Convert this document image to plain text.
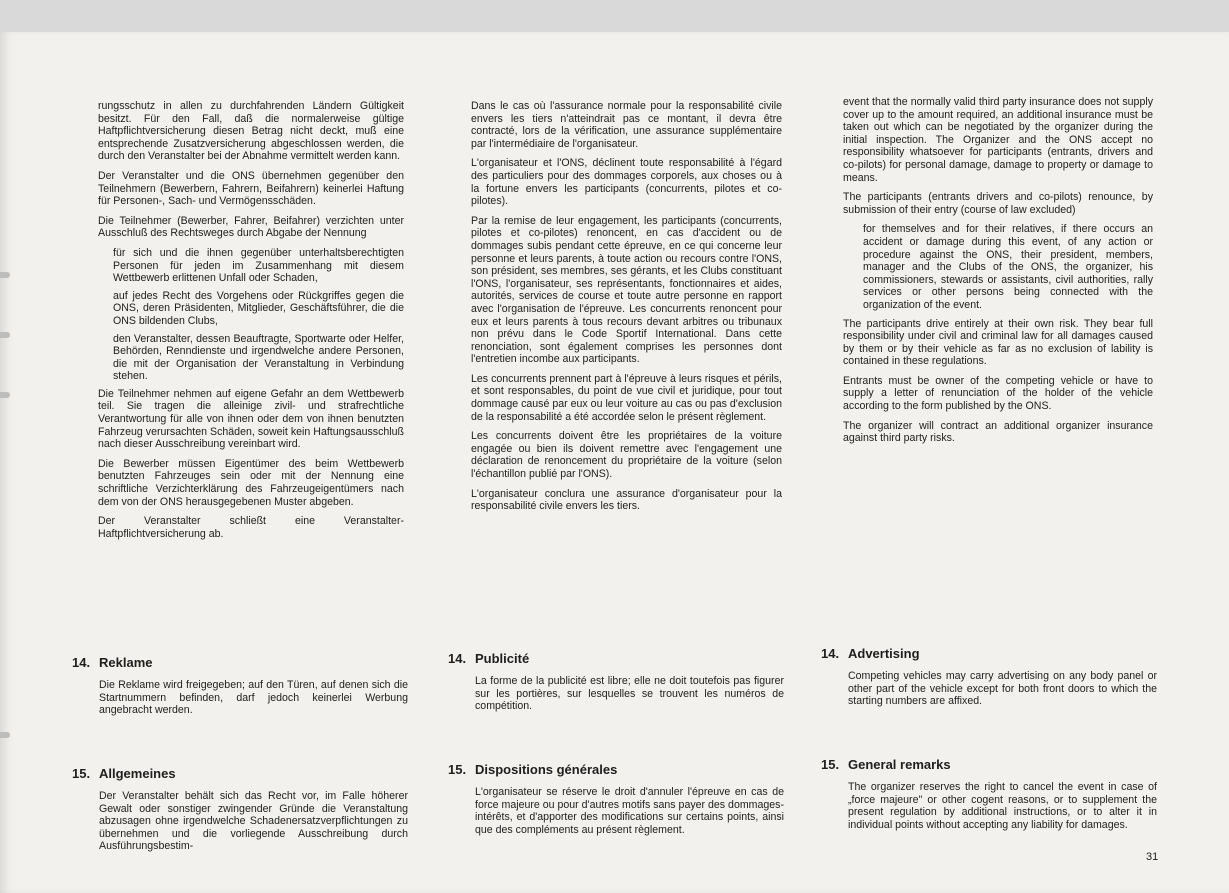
rungsschutz in allen zu durchfahrenden Ländern Gültigkeit besitzt. Für den Fall, daß die normalerweise gültige Haftpflichtversicherung diesen Betrag nicht deckt, muß eine entsprechende Zusatzversicherung abgeschlossen werden, die durch den Veranstalter bei der Abnahme vermittelt werden kann.

Der Veranstalter und die ONS übernehmen gegenüber den Teilnehmern (Bewerbern, Fahrern, Beifahrern) keinerlei Haftung für Personen-, Sach- und Vermögensschäden.

Die Teilnehmer (Bewerber, Fahrer, Beifahrer) verzichten unter Ausschluß des Rechtsweges durch Abgabe der Nennung

für sich und die ihnen gegenüber unterhaltsberechtigten Personen für jeden im Zusammenhang mit diesem Wettbewerb erlittenen Unfall oder Schaden,

auf jedes Recht des Vorgehens oder Rückgriffes gegen die ONS, deren Präsidenten, Mitglieder, Geschäftsführer, die die ONS bildenden Clubs,

den Veranstalter, dessen Beauftragte, Sportwarte oder Helfer, Behörden, Renndienste und irgendwelche andere Personen, die mit der Organisation der Veranstaltung in Verbindung stehen.

Die Teilnehmer nehmen auf eigene Gefahr an dem Wettbewerb teil. Sie tragen die alleinige zivil- und strafrechtliche Verantwortung für alle von ihnen oder dem von ihnen benutzten Fahrzeug verursachten Schäden, soweit kein Haftungsausschluß nach dieser Ausschreibung vereinbart wird.

Die Bewerber müssen Eigentümer des beim Wettbewerb benutzten Fahrzeuges sein oder mit der Nennung eine schriftliche Verzichterklärung des Fahrzeugeigentümers nach dem von der ONS herausgegebenen Muster abgeben.

Der Veranstalter schließt eine Veranstalter-Haftpflichtversicherung ab.

Dans le cas où l'assurance normale pour la responsabilité civile envers les tiers n'atteindrait pas ce montant, il devra être contracté, lors de la vérification, une assurance supplémentaire par l'intermédiaire de l'organisateur.

L'organisateur et l'ONS, déclinent toute responsabilité à l'égard des particuliers pour des dommages corporels, aux choses ou à la fortune envers les participants (concurrents, pilotes et co-pilotes).

Par la remise de leur engagement, les participants (concurrents, pilotes et co-pilotes) renoncent, en cas d'accident ou de dommages subis pendant cette épreuve, en ce qui concerne leur personne et leurs parents, à toute action ou recours contre l'ONS, son président, ses membres, ses gérants, et les Clubs constituant l'ONS, l'organisateur, ses représentants, fonctionnaires et aides, autorités, services de course et toute autre personne en rapport avec l'organisation de l'épreuve. Les concurrents renoncent pour eux et leurs parents à tous recours devant arbitres ou tribunaux non prévu dans le Code Sportif International. Dans cette renonciation, sont également comprises les personnes dont l'entretien incombe aux participants.

Les concurrents prennent part à l'épreuve à leurs risques et périls, et sont responsables, du point de vue civil et juridique, pour tout dommage causé par eux ou leur voiture au cas ou pas d'exclusion de la responsabilité a été accordée selon le présent règlement.

Les concurrents doivent être les propriétaires de la voiture engagée ou bien ils doivent remettre avec l'engagement une déclaration de renoncement du propriétaire de la voiture (selon l'échantillon publié par l'ONS).

L'organisateur conclura une assurance d'organisateur pour la responsabilité civile envers les tiers.

event that the normally valid third party insurance does not supply cover up to the amount required, an additional insurance must be taken out which can be negotiated by the organizer during the initial inspection. The Organizer and the ONS accept no responsibility whatsoever for participants (entrants, drivers and co-pilots) for personal damage, damage to property or damage to means.

The participants (entrants drivers and co-pilots) renounce, by submission of their entry (course of law excluded)

for themselves and for their relatives, if there occurs an accident or damage during this event, of any action or procedure against the ONS, their president, members, manager and the Clubs of the ONS, the organizer, his commissioners, stewards or assistants, civil authorities, rally services or other persons being connected with the organization of the event.

The participants drive entirely at their own risk. They bear full responsibility under civil and criminal law for all damages caused by them or by their vehicle as far as no exclusion of lability is contained in these regulations.

Entrants must be owner of the competing vehicle or have to supply a letter of renunciation of the holder of the vehicle according to the form published by the ONS.

The organizer will contract an additional organizer insurance against third party risks.

14. Reklame

Die Reklame wird freigegeben; auf den Türen, auf denen sich die Startnummern befinden, darf jedoch keinerlei Werbung angebracht werden.

14. Publicité

La forme de la publicité est libre; elle ne doit toutefois pas figurer sur les portières, sur lesquelles se trouvent les numéros de compétition.

14. Advertising

Competing vehicles may carry advertising on any body panel or other part of the vehicle except for both front doors to which the starting numbers are affixed.

15. Allgemeines

Der Veranstalter behält sich das Recht vor, im Falle höherer Gewalt oder sonstiger zwingender Gründe die Veranstaltung abzusagen ohne irgendwelche Schadenersatzverpflichtungen zu übernehmen und die vorliegende Ausschreibung durch Ausführungsbestim-

15. Dispositions générales

L'organisateur se réserve le droit d'annuler l'épreuve en cas de force majeure ou pour d'autres motifs sans payer des dommages-intérêts, et d'apporter des modifications sur certains points, ainsi que des compléments au présent règlement.

15. General remarks

The organizer reserves the right to cancel the event in case of „force majeure" or other cogent reasons, or to supplement the present regulation by additional instructions, or to alter it in individual points without accepting any liability for damages.

31
